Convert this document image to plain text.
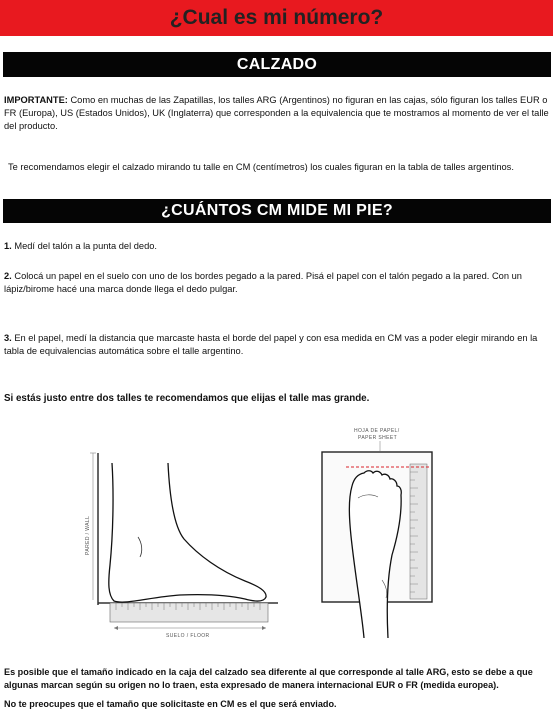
¿Cual es mi número?
CALZADO
IMPORTANTE: Como en muchas de las Zapatillas, los talles ARG (Argentinos) no figuran en las cajas, sólo figuran los talles EUR o FR (Europa), US (Estados Unidos), UK (Inglaterra) que corresponden a la equivalencia que te mostramos al momento de ver el talle del producto.
Te recomendamos elegir el calzado mirando tu talle en CM (centímetros) los cuales figuran en la tabla de talles argentinos.
¿CUÁNTOS CM MIDE MI PIE?
1. Medí del talón a la punta del dedo.
2. Colocá un papel en el suelo con uno de los bordes pegado a la pared. Pisá el papel con el talón pegado a la pared. Con un lápiz/birome hacé una marca donde llega el dedo pulgar.
3. En el papel, medí la distancia que marcaste hasta el borde del papel y con esa medida en CM vas a poder elegir mirando en la tabla de equivalencias automática sobre el talle argentino.
Si estás justo entre dos talles te recomendamos que elijas el talle mas grande.
PARED / WALL
SUELO / FLOOR
HOJA DE PAPEL/
PAPER SHEET
Es posible que el tamaño indicado en la caja del calzado sea diferente al que corresponde al talle ARG, esto se debe a que algunas marcan según su origen no lo traen, esta expresado de manera internacional EUR o FR (medida europea).
No te preocupes que el tamaño que solicitaste en CM es el que será enviado.
